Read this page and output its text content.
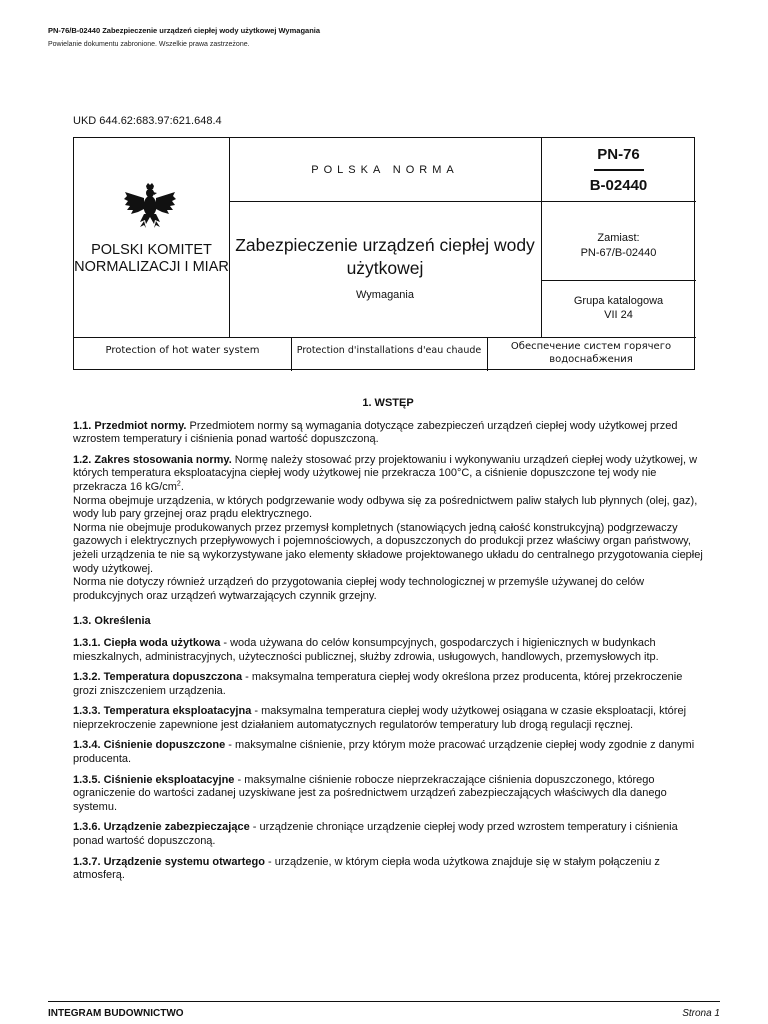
PN-76/B-02440 Zabezpieczenie urządzeń ciepłej wody użytkowej Wymagania
Powielanie dokumentu zabronione. Wszelkie prawa zastrzeżone.
UKD 644.62:683.97:621.648.4
POLSKI KOMITET NORMALIZACJI I MIAR
POLSKA NORMA
PN-76
B-02440
Zabezpieczenie urządzeń ciepłej wody użytkowej
Wymagania
Zamiast:
PN-67/B-02440
Grupa katalogowa
VII 24
Protection of hot water system	Protection d'installations d'eau chaude	Обеспечение систем горячего водоснабжения
1. WSTĘP

1.1. Przedmiot normy. Przedmiotem normy są wymagania dotyczące zabezpieczeń urządzeń ciepłej wody użytkowej przed wzrostem temperatury i ciśnienia ponad wartość dopuszczoną.

1.2. Zakres stosowania normy. Normę należy stosować przy projektowaniu i wykonywaniu urządzeń ciepłej wody użytkowej, w których temperatura eksploatacyjna ciepłej wody użytkowej nie przekracza 100°C, a ciśnienie dopuszczone tej wody nie przekracza 16 $kG/cm^2$.
Norma obejmuje urządzenia, w których podgrzewanie wody odbywa się za pośrednictwem paliw stałych lub płynnych (olej, gaz), wody lub pary grzejnej oraz prądu elektrycznego.
Norma nie obejmuje produkowanych przez przemysł kompletnych (stanowiących jedną całość konstrukcyjną) podgrzewaczy gazowych i elektrycznych przepływowych i pojemnościowych, a dopuszczonych do produkcji przez właściwy organ państwowy, jeżeli urządzenia te nie są wykorzystywane jako elementy składowe projektowanego układu do centralnego przygotowania ciepłej wody użytkowej.
Norma nie dotyczy również urządzeń do przygotowania ciepłej wody technologicznej w przemyśle używanej do celów produkcyjnych oraz urządzeń wytwarzających czynnik grzejny.

1.3. Określenia

1.3.1. Ciepła woda użytkowa - woda używana do celów konsumpcyjnych, gospodarczych i higienicznych w budynkach mieszkalnych, administracyjnych, użyteczności publicznej, służby zdrowia, usługowych, handlowych, przemysłowych itp.

1.3.2. Temperatura dopuszczona - maksymalna temperatura ciepłej wody określona przez producenta, której przekroczenie grozi zniszczeniem urządzenia.

1.3.3. Temperatura eksploatacyjna - maksymalna temperatura ciepłej wody użytkowej osiągana w czasie eksploatacji, której nieprzekroczenie zapewnione jest działaniem automatycznych regulatorów temperatury lub drogą regulacji ręcznej.

1.3.4. Ciśnienie dopuszczone - maksymalne ciśnienie, przy którym może pracować urządzenie ciepłej wody zgodnie z danymi producenta.

1.3.5. Ciśnienie eksploatacyjne - maksymalne ciśnienie robocze nieprzekraczające ciśnienia dopuszczonego, którego ograniczenie do wartości zadanej uzyskiwane jest za pośrednictwem urządzeń zabezpieczających właściwych dla danego systemu.

1.3.6. Urządzenie zabezpieczające - urządzenie chroniące urządzenie ciepłej wody przed wzrostem temperatury i ciśnienia ponad wartość dopuszczoną.

1.3.7. Urządzenie systemu otwartego - urządzenie, w którym ciepła woda użytkowa znajduje się w stałym połączeniu z atmosferą.

INTEGRAM BUDOWNICTWO	Strona 1
